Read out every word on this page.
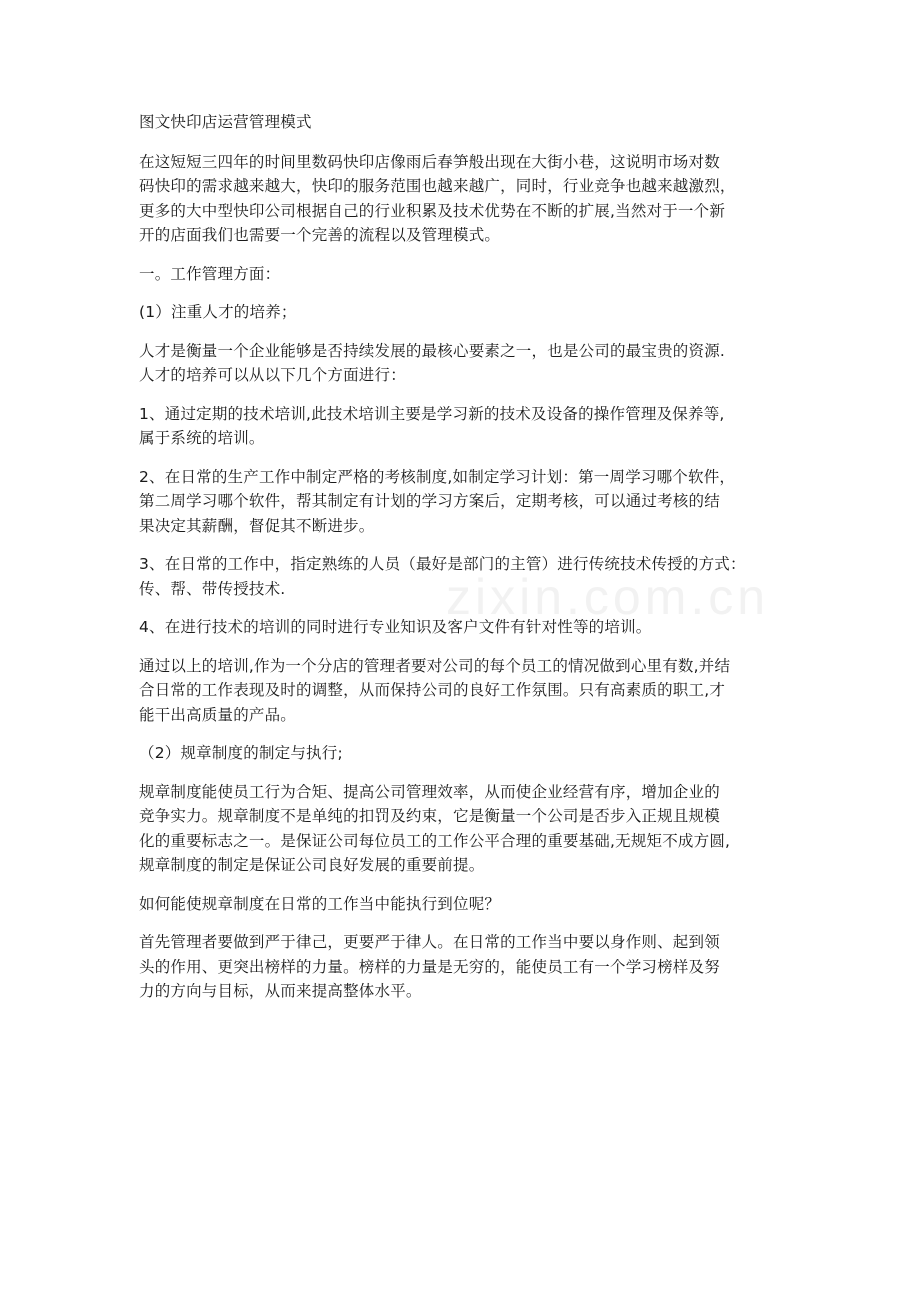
zixin.com.cn

图文快印店运营管理模式

在这短短三四年的时间里数码快印店像雨后春笋般出现在大街小巷，这说明市场对数
码快印的需求越来越大，快印的服务范围也越来越广，同时，行业竞争也越来越激烈，
更多的大中型快印公司根据自己的行业积累及技术优势在不断的扩展,当然对于一个新
开的店面我们也需要一个完善的流程以及管理模式。

一。工作管理方面：

(1）注重人才的培养；

人才是衡量一个企业能够是否持续发展的最核心要素之一，也是公司的最宝贵的资源.
人才的培养可以从以下几个方面进行：

1、通过定期的技术培训,此技术培训主要是学习新的技术及设备的操作管理及保养等,
属于系统的培训。

2、在日常的生产工作中制定严格的考核制度,如制定学习计划：第一周学习哪个软件，
第二周学习哪个软件，帮其制定有计划的学习方案后，定期考核，可以通过考核的结
果决定其薪酬，督促其不断进步。

3、在日常的工作中，指定熟练的人员（最好是部门的主管）进行传统技术传授的方式：
传、帮、带传授技术.

4、在进行技术的培训的同时进行专业知识及客户文件有针对性等的培训。

通过以上的培训,作为一个分店的管理者要对公司的每个员工的情况做到心里有数,并结
合日常的工作表现及时的调整，从而保持公司的良好工作氛围。只有高素质的职工,才
能干出高质量的产品。

（2）规章制度的制定与执行;

规章制度能使员工行为合矩、提高公司管理效率，从而使企业经营有序，增加企业的
竞争实力。规章制度不是单纯的扣罚及约束，它是衡量一个公司是否步入正规且规模
化的重要标志之一。是保证公司每位员工的工作公平合理的重要基础,无规矩不成方圆,
规章制度的制定是保证公司良好发展的重要前提。

如何能使规章制度在日常的工作当中能执行到位呢？

首先管理者要做到严于律己，更要严于律人。在日常的工作当中要以身作则、起到领
头的作用、更突出榜样的力量。榜样的力量是无穷的，能使员工有一个学习榜样及努
力的方向与目标，从而来提高整体水平。
